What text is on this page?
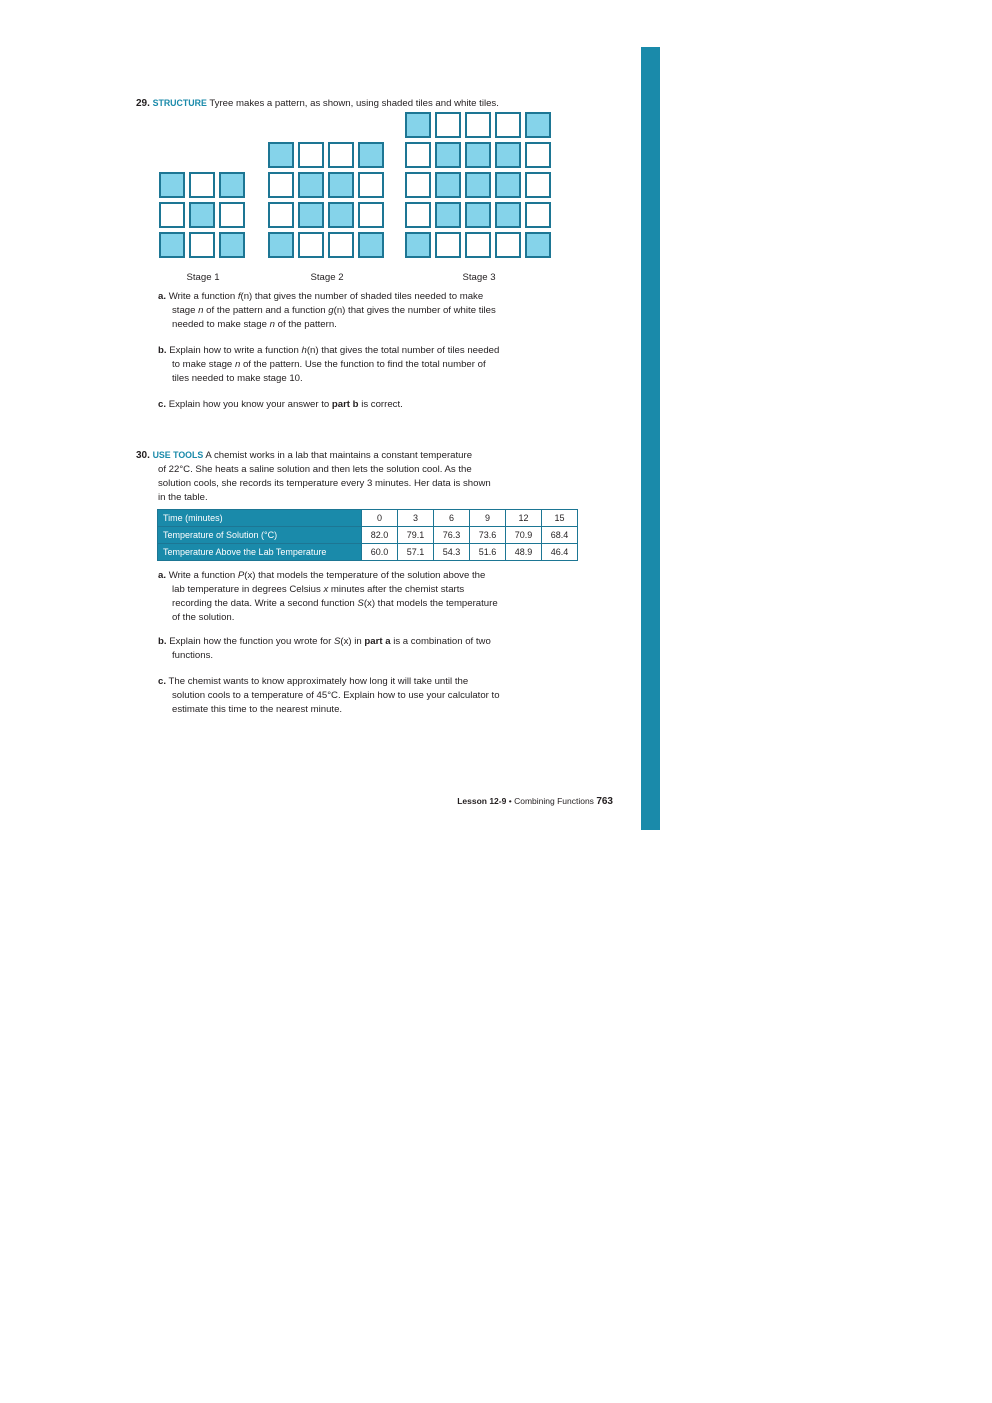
29. STRUCTURE Tyree makes a pattern, as shown, using shaded tiles and white tiles.
Stage 1	Stage 2	Stage 3
a. Write a function f(n) that gives the number of shaded tiles needed to make
stage n of the pattern and a function g(n) that gives the number of white tiles
needed to make stage n of the pattern.
b. Explain how to write a function h(n) that gives the total number of tiles needed
to make stage n of the pattern. Use the function to find the total number of
tiles needed to make stage 10.
c. Explain how you know your answer to part b is correct.
30. USE TOOLS A chemist works in a lab that maintains a constant temperature
of 22°C. She heats a saline solution and then lets the solution cool. As the
solution cools, she records its temperature every 3 minutes. Her data is shown
in the table.
Time (minutes)	0	3	6	9	12	15
Temperature of Solution (°C)	82.0	79.1	76.3	73.6	70.9	68.4
Temperature Above the Lab Temperature	60.0	57.1	54.3	51.6	48.9	46.4
a. Write a function P(x) that models the temperature of the solution above the
lab temperature in degrees Celsius x minutes after the chemist starts
recording the data. Write a second function S(x) that models the temperature
of the solution.
b. Explain how the function you wrote for S(x) in part a is a combination of two
functions.
c. The chemist wants to know approximately how long it will take until the
solution cools to a temperature of 45°C. Explain how to use your calculator to
estimate this time to the nearest minute.
Lesson 12-9 • Combining Functions 763
